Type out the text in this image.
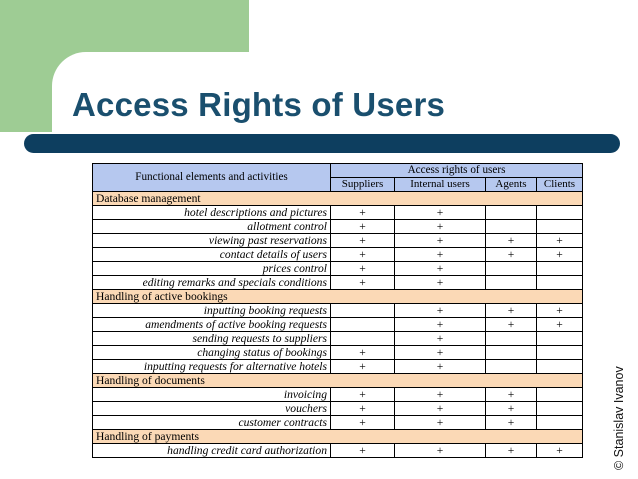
Access Rights of Users
© Stanislav Ivanov
Functional elements and activities	Access rights of users			
	Suppliers	Internal users	Agents	Clients
Database management				
hotel descriptions and pictures	+	+		
allotment control	+	+		
viewing past reservations	+	+	+	+
contact details of users	+	+	+	+
prices control	+	+		
editing remarks and specials conditions	+	+		
Handling of active bookings				
inputting booking requests		+	+	+
amendments of active booking requests		+	+	+
sending requests to suppliers		+		
changing status of bookings	+	+		
inputting requests for alternative hotels	+	+		
Handling of documents				
invoicing	+	+	+	
vouchers	+	+	+	
customer contracts	+	+	+	
Handling of payments				
handling credit card authorization	+	+	+	+
